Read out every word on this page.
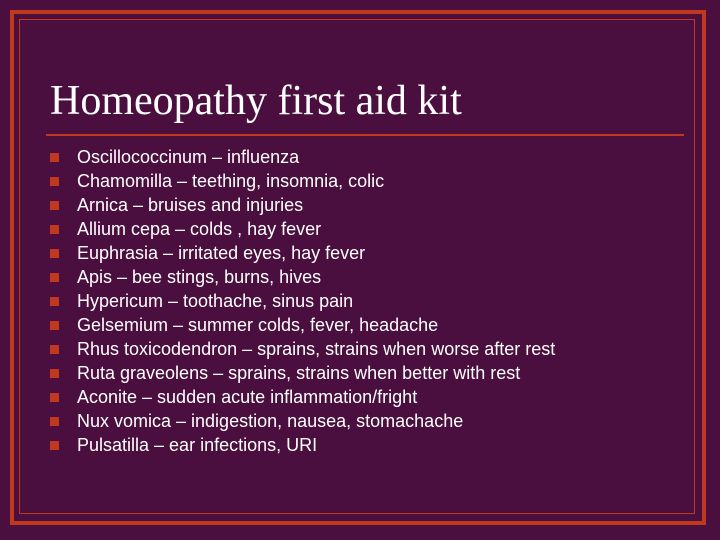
Homeopathy first aid kit
Oscillococcinum – influenza
Chamomilla – teething, insomnia, colic
Arnica – bruises and injuries
Allium cepa – colds , hay fever
Euphrasia – irritated eyes, hay fever
Apis – bee stings, burns, hives
Hypericum – toothache, sinus pain
Gelsemium – summer colds, fever, headache
Rhus toxicodendron – sprains, strains when worse after rest
Ruta graveolens – sprains, strains when better with rest
Aconite – sudden acute inflammation/fright
Nux vomica – indigestion, nausea, stomachache
Pulsatilla – ear infections, URI
